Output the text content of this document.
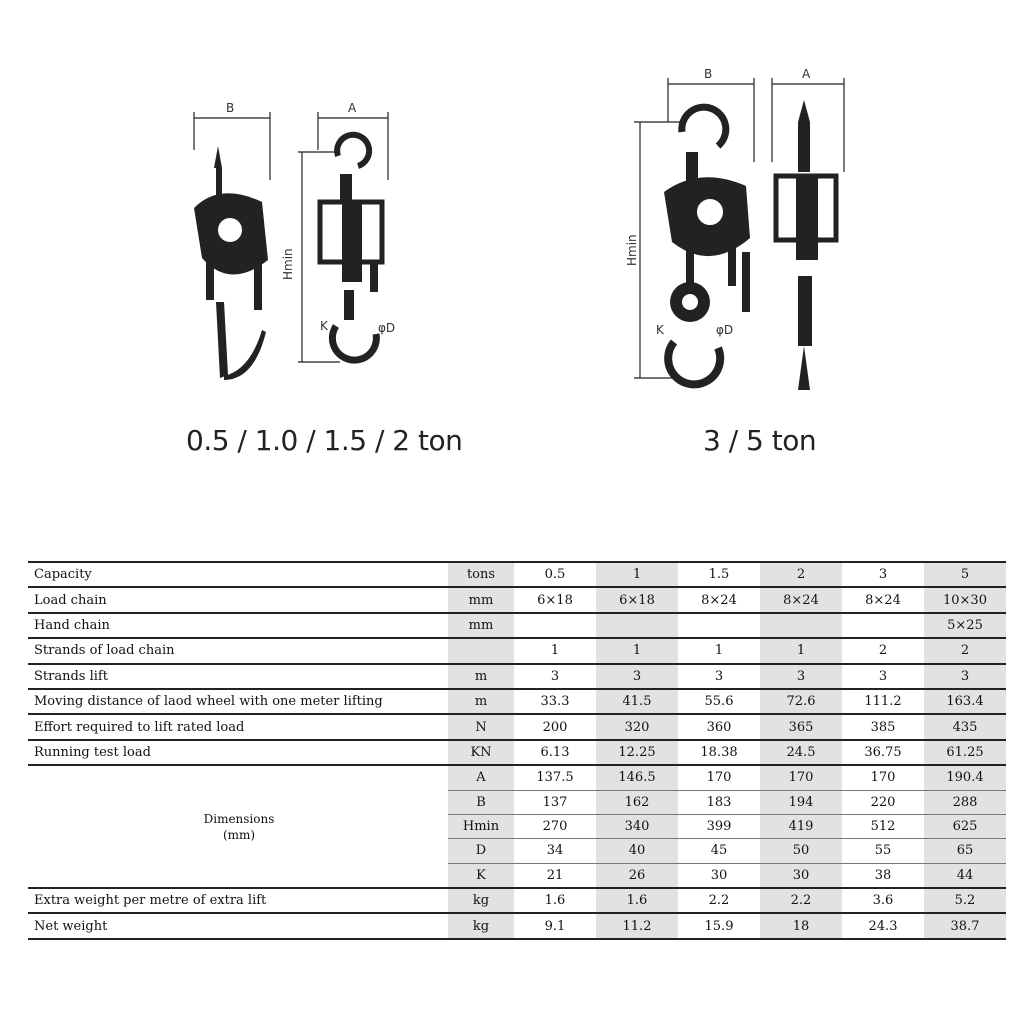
B	A
Hmin
K	φD
B	A
Hmin
K	φD
0.5 / 1.0 / 1.5 / 2 ton	3 / 5 ton
Capacity	tons	0.5	1	1.5	2	3	5
Load chain	mm	6×18	6×18	8×24	8×24	8×24	10×30
Hand chain	mm						5×25
Strands of load chain		1	1	1	1	2	2
Strands lift	m	3	3	3	3	3	3
Moving distance of laod wheel with one meter lifting	m	33.3	41.5	55.6	72.6	111.2	163.4
Effort required to lift rated load	N	200	320	360	365	385	435
Running test load	KN	6.13	12.25	18.38	24.5	36.75	61.25

Dimensions
(mm)	A	137.5	146.5	170	170	170	190.4
	B	137	162	183	194	220	288
	Hmin	270	340	399	419	512	625
	D	34	40	45	50	55	65
	K	21	26	30	30	38	44
Extra weight per metre of extra lift	kg	1.6	1.6	2.2	2.2	3.6	5.2
Net weight	kg	9.1	11.2	15.9	18	24.3	38.7
